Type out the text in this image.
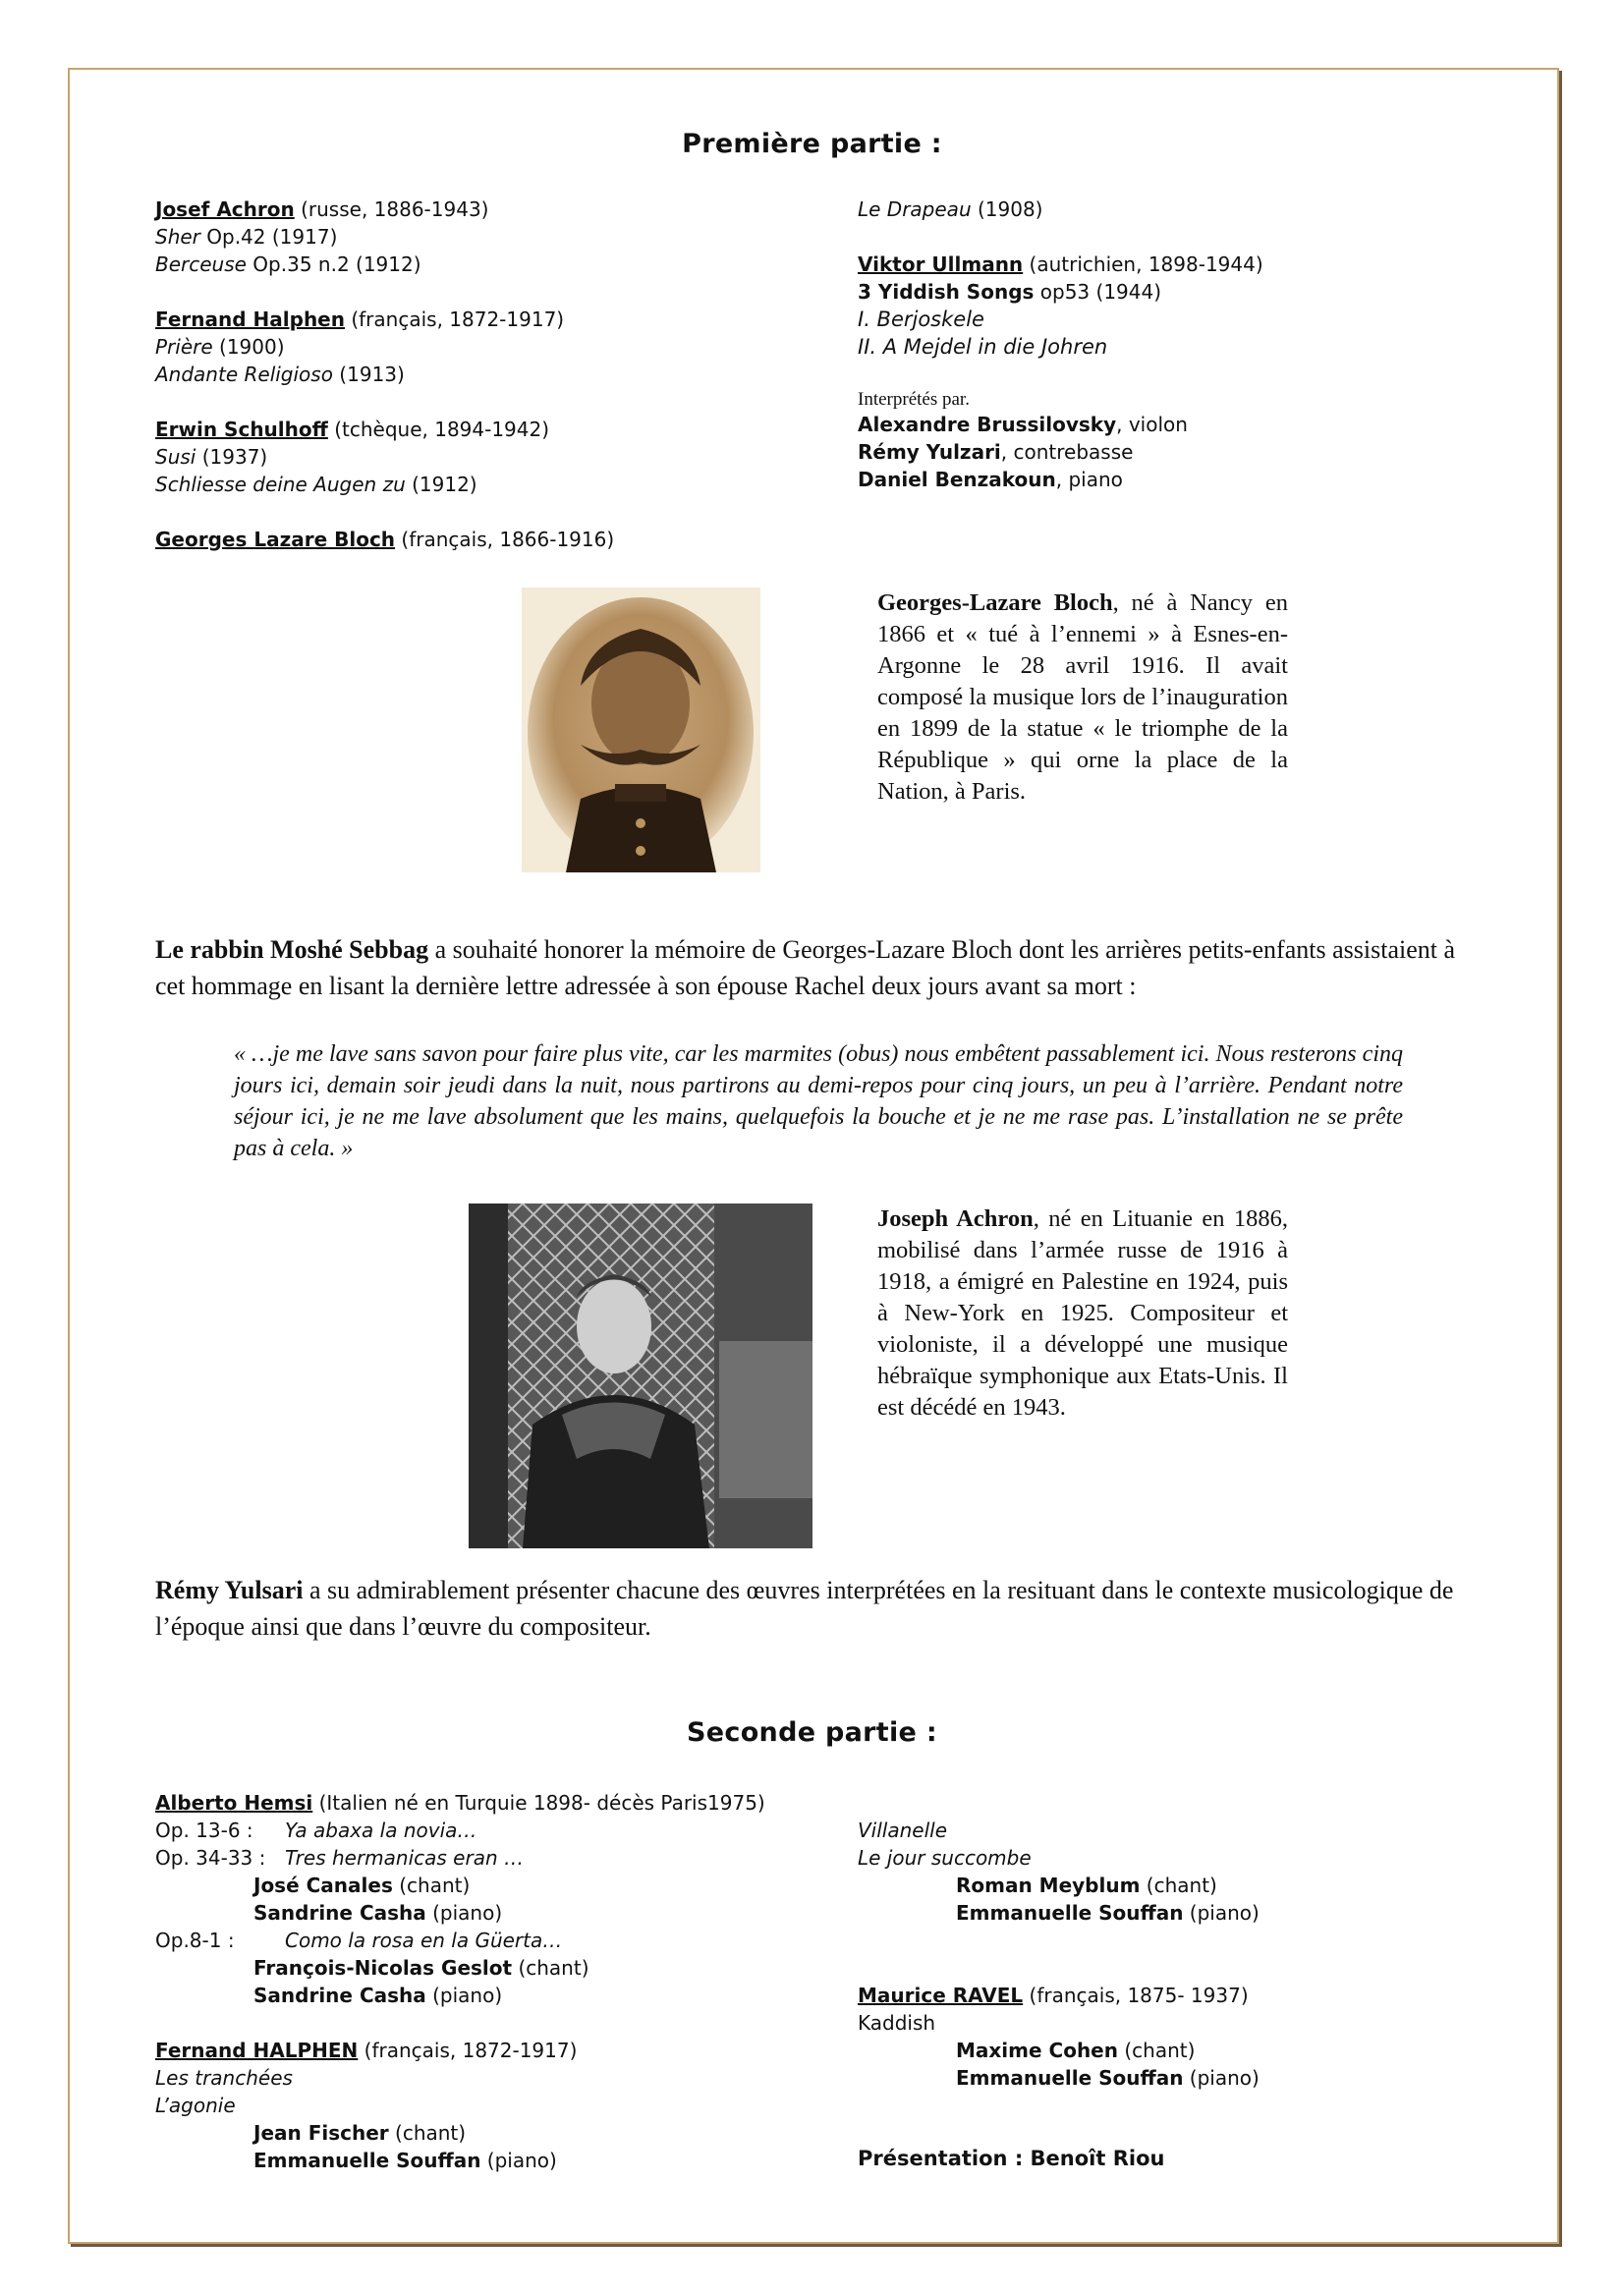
Première partie :
Josef Achron (russe, 1886-1943)
Sher Op.42 (1917)
Berceuse Op.35 n.2 (1912)
Fernand Halphen (français, 1872-1917)
Prière (1900)
Andante Religioso (1913)
Erwin Schulhoff (tchèque, 1894-1942)
Susi (1937)
Schliesse deine Augen zu (1912)
Georges Lazare Bloch (français, 1866-1916)
Le Drapeau (1908)
Viktor Ullmann (autrichien, 1898-1944)
3 Yiddish Songs op53 (1944)
I. Berjoskele
II. A Mejdel in die Johren
Interprétés par.
Alexandre Brussilovsky, violon
Rémy Yulzari, contrebasse
Daniel Benzakoun, piano
Georges-Lazare Bloch, né à Nancy en 1866 et « tué à l’ennemi » à Esnes-en-Argonne le 28 avril 1916. Il avait composé la musique lors de l’inauguration en 1899 de la statue « le triomphe de la République » qui orne la place de la Nation, à Paris.
Le rabbin Moshé Sebbag a souhaité honorer la mémoire de Georges-Lazare Bloch dont les arrières petits-enfants assistaient à cet hommage en lisant la dernière lettre adressée à son épouse Rachel deux jours avant sa mort :
« …je me lave sans savon pour faire plus vite, car les marmites (obus) nous embêtent passablement ici. Nous resterons cinq jours ici, demain soir jeudi dans la nuit, nous partirons au demi-repos pour cinq jours, un peu à l’arrière. Pendant notre séjour ici, je ne me lave absolument que les mains, quelquefois la bouche et je ne me rase pas. L’installation ne se prête pas à cela. »
Joseph Achron, né en Lituanie en 1886, mobilisé dans l’armée russe de 1916 à 1918, a émigré en Palestine en 1924, puis à New-York en 1925. Compositeur et violoniste, il a développé une musique hébraïque symphonique aux Etats-Unis. Il est décédé en 1943.
Rémy Yulsari a su admirablement présenter chacune des œuvres interprétées en la resituant dans le contexte musicologique de l’époque ainsi que dans l’œuvre du compositeur.
Seconde partie :
Alberto Hemsi (Italien né en Turquie 1898- décès Paris1975)
Op. 13-6 : Ya abaxa la novia…
Op. 34-33 : Tres hermanicas eran …
José Canales (chant)
Sandrine Casha (piano)
Op.8-1 :	Como la rosa en la Güerta…
François-Nicolas Geslot (chant)
Sandrine Casha (piano)
Fernand HALPHEN (français, 1872-1917)
Les tranchées
L’agonie
Jean Fischer (chant)
Emmanuelle Souffan (piano)
Villanelle
Le jour succombe
Roman Meyblum (chant)
Emmanuelle Souffan (piano)
Maurice RAVEL (français, 1875- 1937)
Kaddish
Maxime Cohen (chant)
Emmanuelle Souffan (piano)
Présentation : Benoît Riou
